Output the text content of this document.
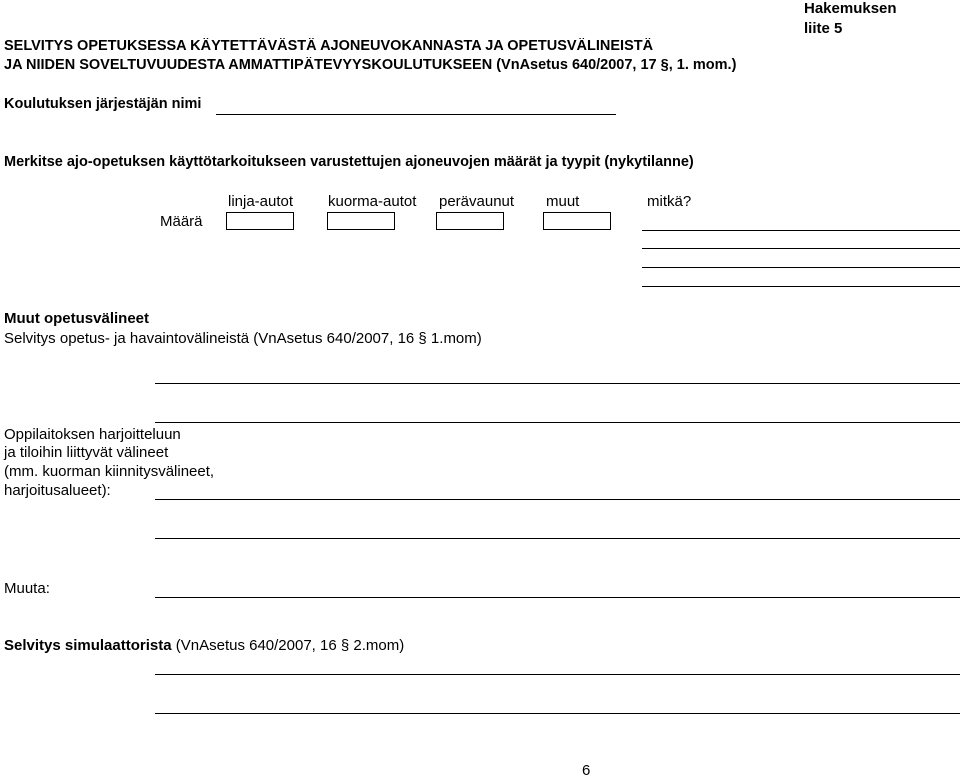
Hakemuksen
liite 5
SELVITYS OPETUKSESSA KÄYTETTÄVÄSTÄ AJONEUVOKANNASTA JA OPETUSVÄLINEISTÄ
JA NIIDEN SOVELTUVUUDESTA AMMATTIPÄTEVYYSKOULUTUKSEEN (VnAsetus 640/2007, 17 §, 1. mom.)
Koulutuksen järjestäjän nimi
Merkitse ajo-opetuksen käyttötarkoitukseen varustettujen ajoneuvojen määrät ja tyypit (nykytilanne)
linja-autot kuorma-autot perävaunut muut	mitkä?
Määrä
Muut opetusvälineet
Selvitys opetus- ja havaintovälineistä (VnAsetus 640/2007, 16 § 1.mom)
Oppilaitoksen harjoitteluun
ja tiloihin liittyvät välineet
(mm. kuorman kiinnitysvälineet,
harjoitusalueet):
Muuta:
Selvitys simulaattorista (VnAsetus 640/2007, 16 § 2.mom)
6
